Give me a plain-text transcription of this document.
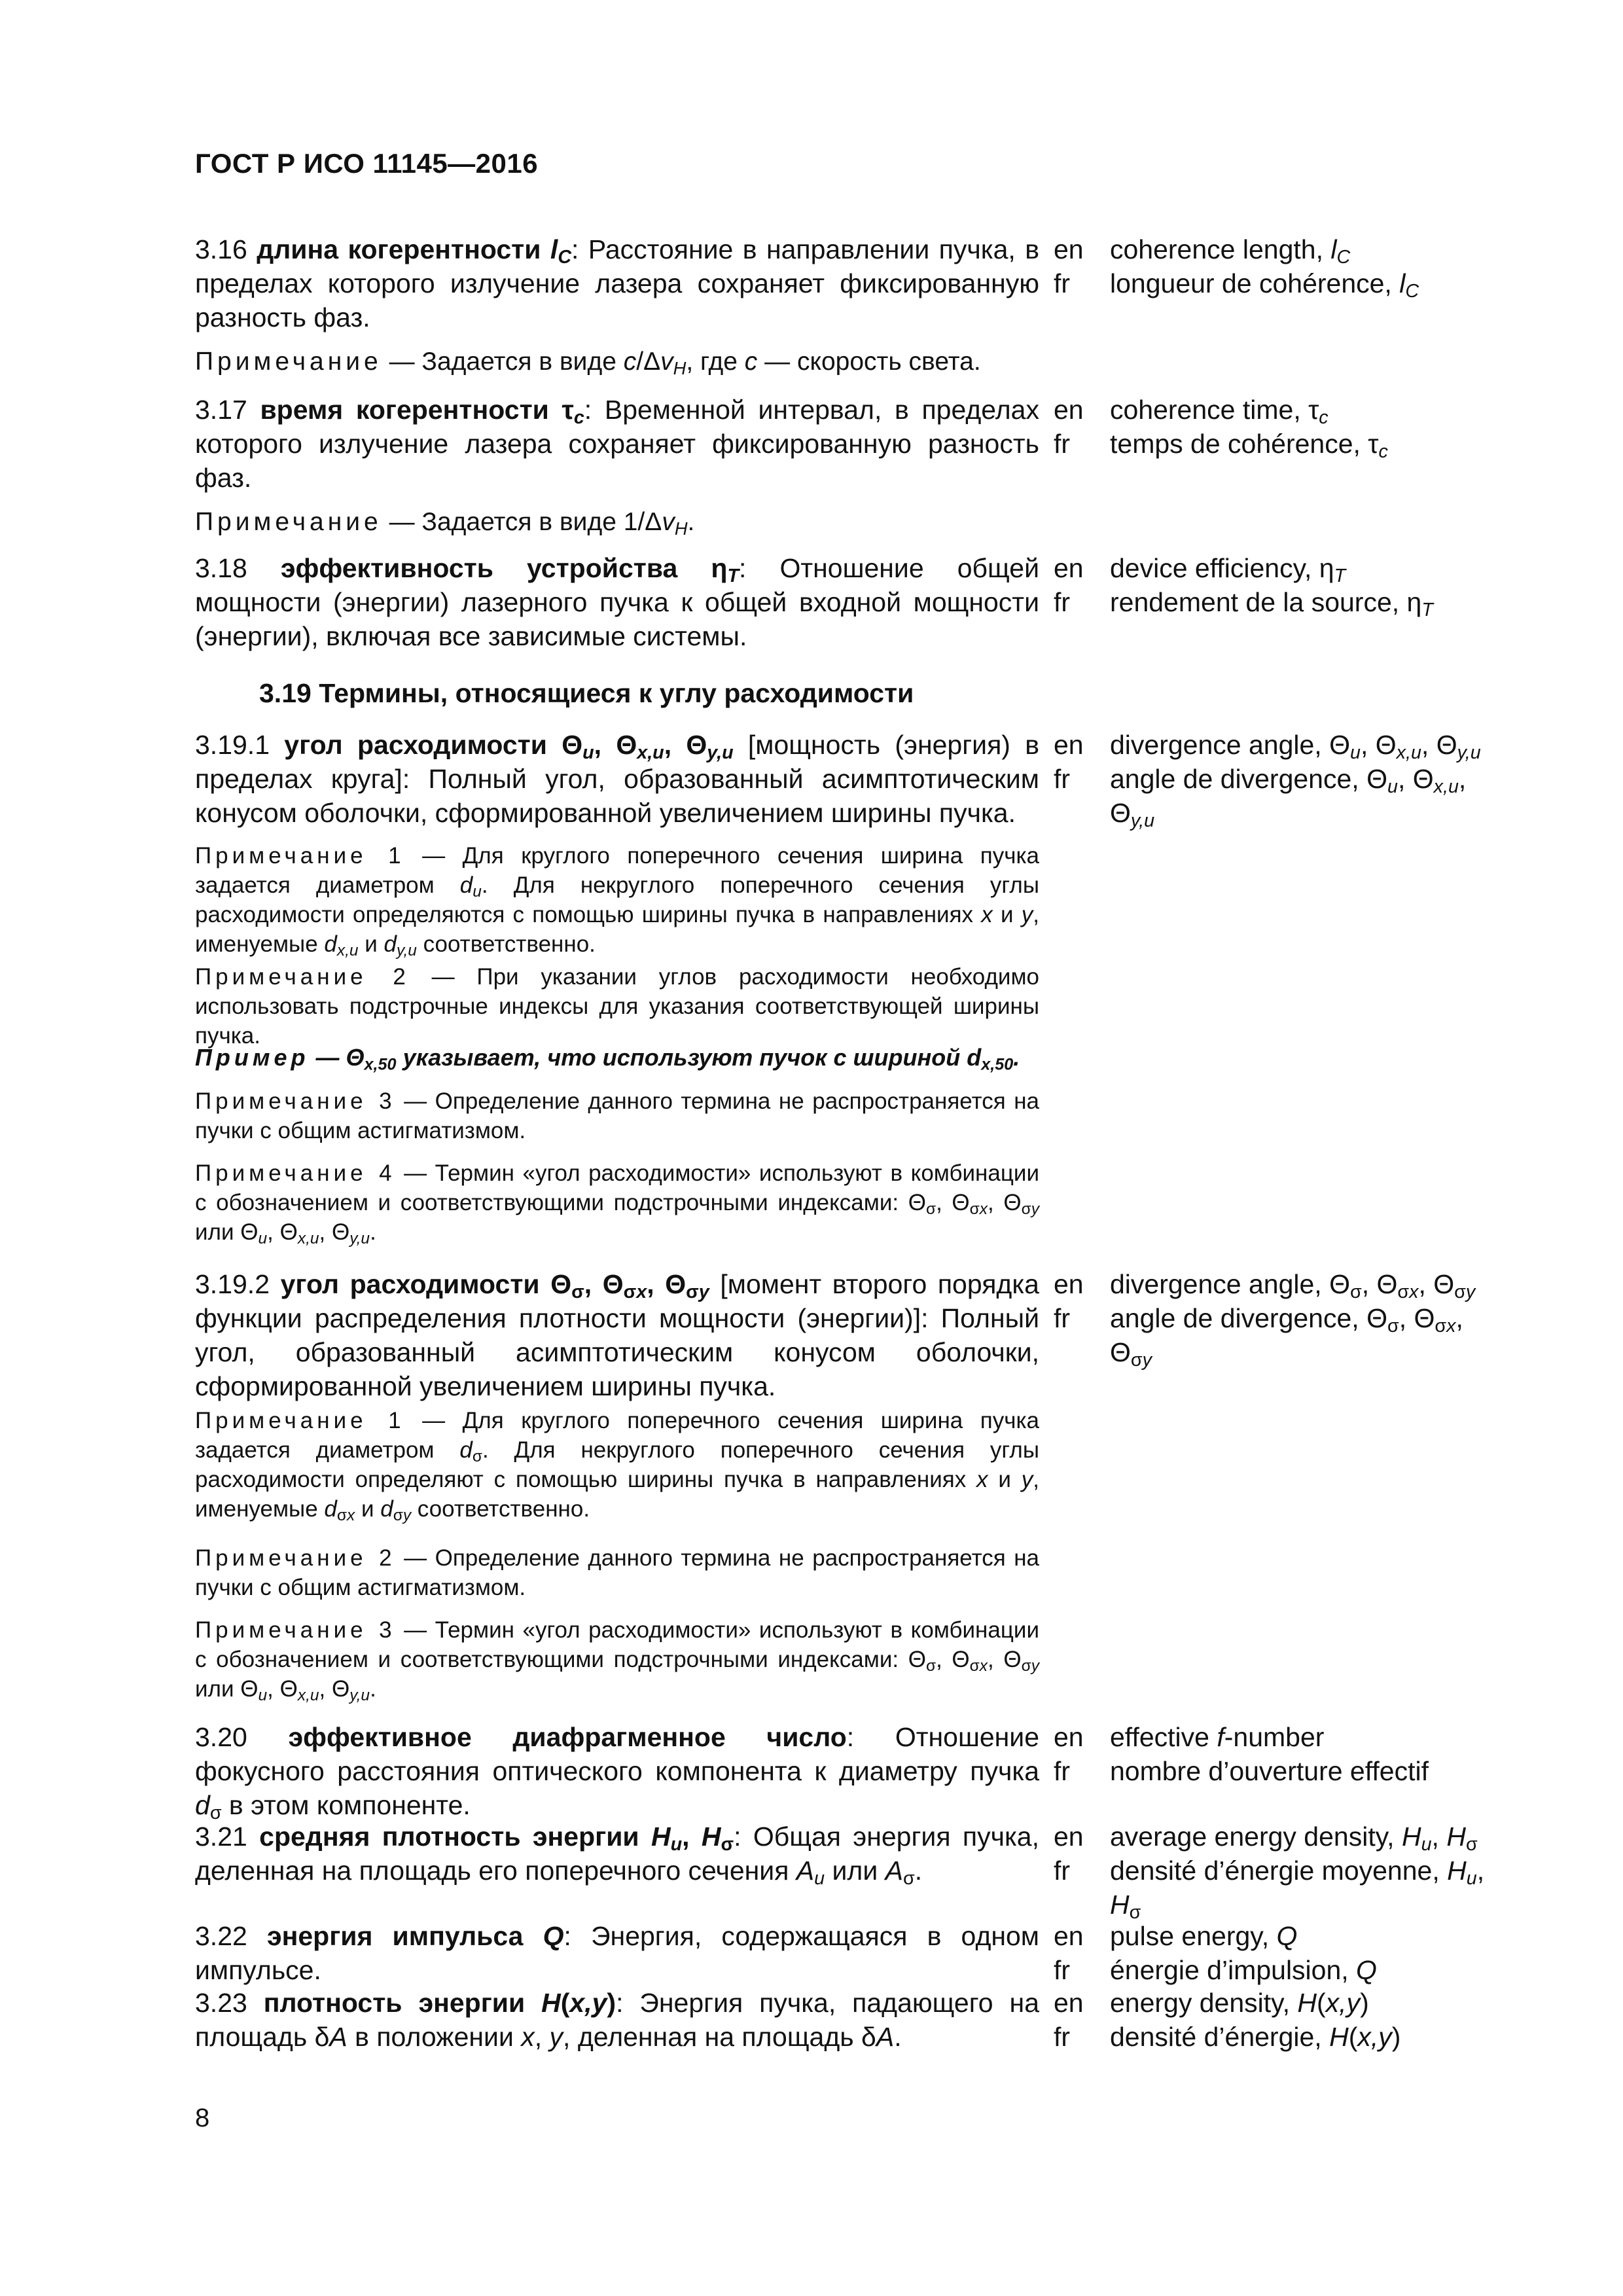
ГОСТ Р ИСО 11145—2016
3.16 длина когерентности $l_C$: Расстояние в направлении пучка, в пределах которого излучение лазера сохраняет фиксированную разность фаз.
en
fr
coherence length, $l_C$
longueur de cohérence, $l_C$
Примечание — Задается в виде $c/\Delta v_H$, где c — скорость света.
3.17 время когерентности $\tau_c$: Временной интервал, в пределах которого излучение лазера сохраняет фиксированную разность фаз.
en
fr
coherence time, $\tau_c$
temps de cohérence, $\tau_c$
Примечание — Задается в виде $1/\Delta v_H$.
3.18 эффективность устройства $\eta_T$: Отношение общей мощности (энергии) лазерного пучка к общей входной мощности (энергии), включая все зависимые системы.
en
fr
device efficiency, $\eta_T$
rendement de la source, $\eta_T$
3.19 Термины, относящиеся к углу расходимости
3.19.1 угол расходимости $\Theta_u$, $\Theta_{x,u}$, $\Theta_{y,u}$ [мощность (энергия) в пределах круга]: Полный угол, образованный асимптотическим конусом оболочки, сформированной увеличением ширины пучка.
en
fr
divergence angle, $\Theta_u$, $\Theta_{x,u}$, $\Theta_{y,u}$
angle de divergence, $\Theta_u$, $\Theta_{x,u}$,
$\Theta_{y,u}$
Примечание 1 — Для круглого поперечного сечения ширина пучка задается диаметром $d_u$. Для некруглого поперечного сечения углы расходимости определяются с помощью ширины пучка в направлениях x и y, именуемые $d_{x,u}$ и $d_{y,u}$ соответственно.
Примечание 2 — При указании углов расходимости необходимо использовать подстрочные индексы для указания соответствующей ширины пучка.
Пример — $\Theta_{x,50}$ указывает, что используют пучок с шириной $d_{x,50}$.
Примечание 3 — Определение данного термина не распространяется на пучки с общим астигматизмом.
Примечание 4 — Термин «угол расходимости» используют в комбинации с обозначением и соответствующими подстрочными индексами: $\Theta_\sigma$, $\Theta_{\sigma x}$, $\Theta_{\sigma y}$ или $\Theta_u$, $\Theta_{x,u}$, $\Theta_{y,u}$.
3.19.2 угол расходимости $\Theta_\sigma$, $\Theta_{\sigma x}$, $\Theta_{\sigma y}$ [момент второго порядка функции распределения плотности мощности (энергии)]: Полный угол, образованный асимптотическим конусом оболочки, сформированной увеличением ширины пучка.
en
fr
divergence angle, $\Theta_\sigma$, $\Theta_{\sigma x}$, $\Theta_{\sigma y}$
angle de divergence, $\Theta_\sigma$, $\Theta_{\sigma x}$,
$\Theta_{\sigma y}$
Примечание 1 — Для круглого поперечного сечения ширина пучка задается диаметром $d_\sigma$. Для некруглого поперечного сечения углы расходимости определяют с помощью ширины пучка в направлениях x и y, именуемые $d_{\sigma x}$ и $d_{\sigma y}$ соответственно.
Примечание 2 — Определение данного термина не распространяется на пучки с общим астигматизмом.
Примечание 3 — Термин «угол расходимости» используют в комбинации с обозначением и соответствующими подстрочными индексами: $\Theta_\sigma$, $\Theta_{\sigma x}$, $\Theta_{\sigma y}$ или $\Theta_u$, $\Theta_{x,u}$, $\Theta_{y,u}$.
3.20 эффективное диафрагменное число: Отношение фокусного расстояния оптического компонента к диаметру пучка $d_\sigma$ в этом компоненте.
en
fr
effective f-number
nombre d’ouverture effectif
3.21 средняя плотность энергии $H_u$, $H_\sigma$: Общая энергия пучка, деленная на площадь его поперечного сечения $A_u$ или $A_\sigma$.
en
fr
average energy density, $H_u$, $H_\sigma$
densité d’énergie moyenne, $H_u$,
$H_\sigma$
3.22 энергия импульса Q: Энергия, содержащаяся в одном импульсе.
en
fr
pulse energy, Q
énergie d’impulsion, Q
3.23 плотность энергии H(x,y): Энергия пучка, падающего на площадь δA в положении x, y, деленная на площадь δA.
en
fr
energy density, H(x,y)
densité d’énergie, H(x,y)
8
